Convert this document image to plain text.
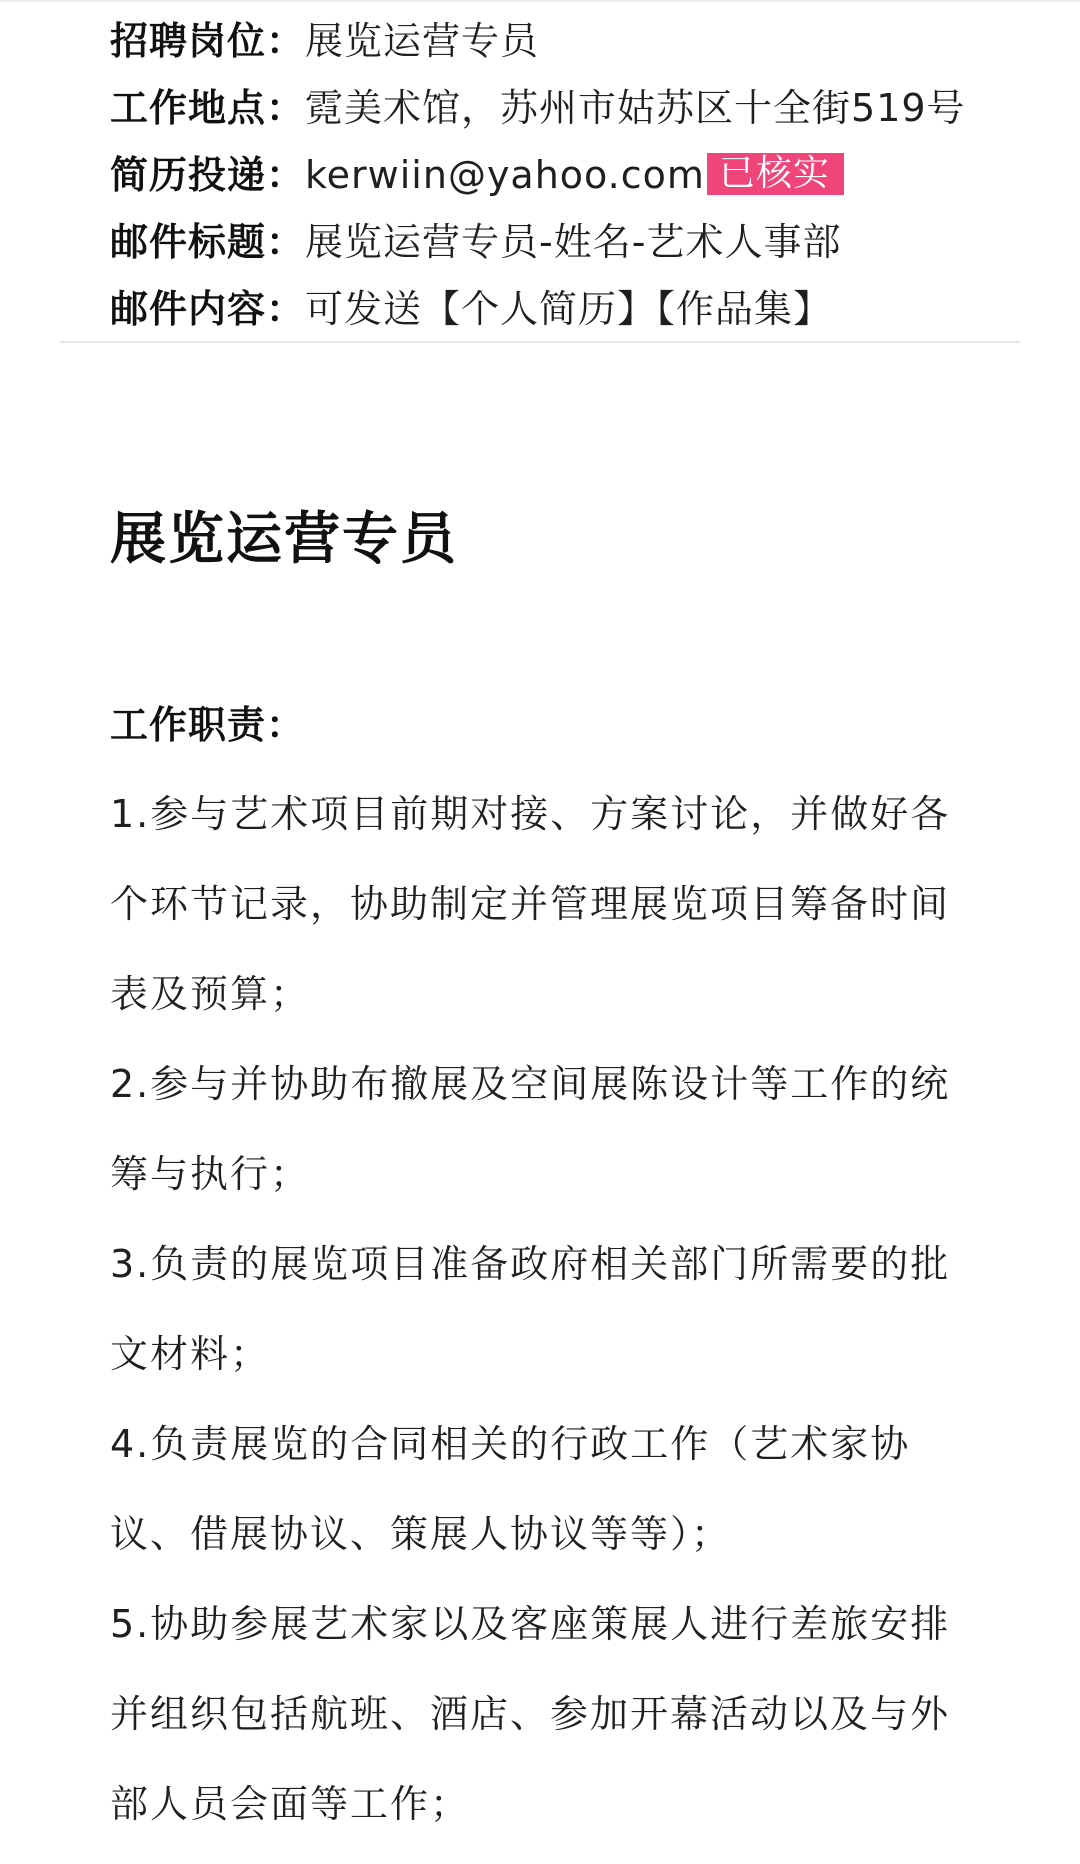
招聘岗位：展览运营专员
工作地点：霓美术馆，苏州市姑苏区十全街519号
简历投递：kerwiin@yahoo.com 已核实
邮件标题：展览运营专员-姓名-艺术人事部
邮件内容：可发送【个人简历】【作品集】
展览运营专员
工作职责：
1.参与艺术项目前期对接、方案讨论，并做好各
个环节记录，协助制定并管理展览项目筹备时间
表及预算；
2.参与并协助布撤展及空间展陈设计等工作的统
筹与执行；
3.负责的展览项目准备政府相关部门所需要的批
文材料；
4.负责展览的合同相关的行政工作（艺术家协
议、借展协议、策展人协议等等）；
5.协助参展艺术家以及客座策展人进行差旅安排
并组织包括航班、酒店、参加开幕活动以及与外
部人员会面等工作；
